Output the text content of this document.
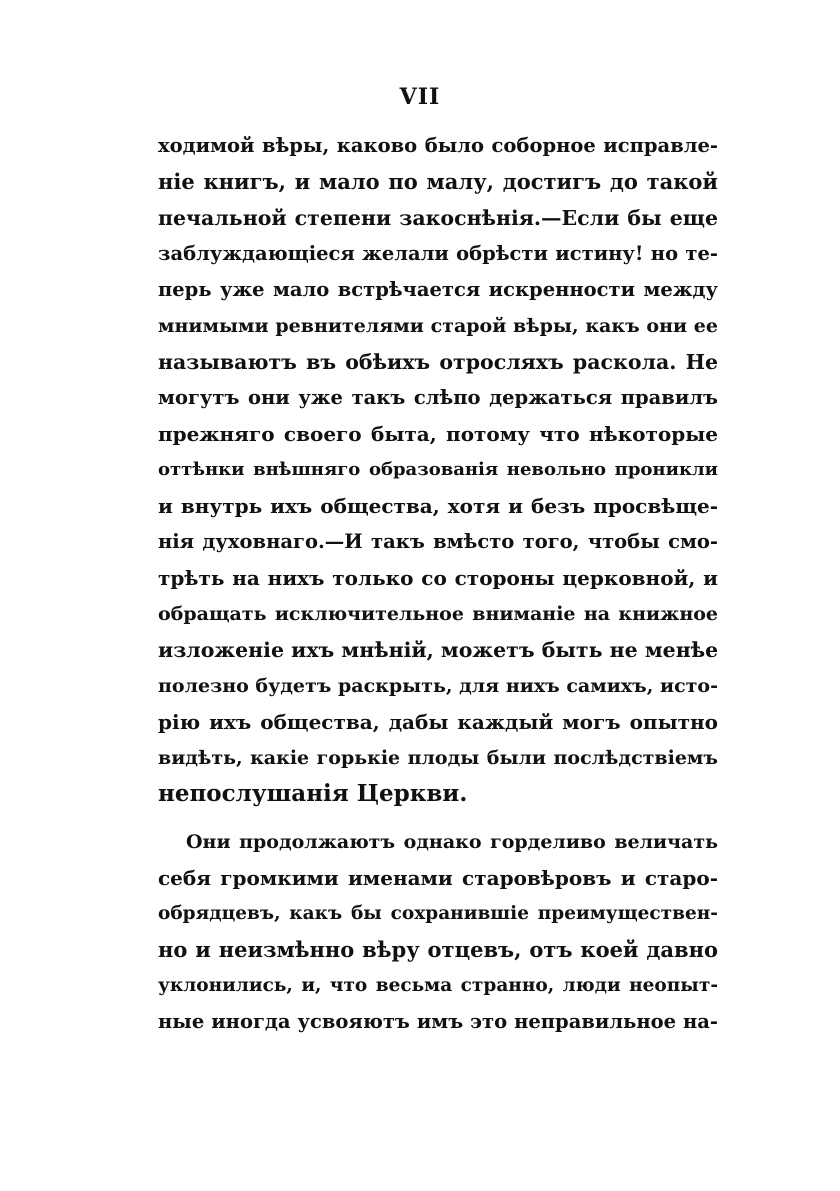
VII
ходимой вѣры, каково было соборное исправле-
ніе книгъ, и мало по малу, достигъ до такой
печальной степени закоснѣнія.—Если бы еще
заблуждающіеся желали обрѣсти истину! но те-
перь уже мало встрѣчается искренности между
мнимыми ревнителями старой вѣры, какъ они ее
называютъ въ обѣихъ отросляхъ раскола. Не
могутъ они уже такъ слѣпо держаться правилъ
прежняго своего быта, потому что нѣкоторые
оттѣнки внѣшняго образованія невольно проникли
и внутрь ихъ общества, хотя и безъ просвѣще-
нія духовнаго.—И такъ вмѣсто того, чтобы смо-
трѣть на нихъ только со стороны церковной, и
обращать исключительное вниманіе на книжное
изложеніе ихъ мнѣній, можетъ быть не менѣе
полезно будетъ раскрыть, для нихъ самихъ, исто-
рію ихъ общества, дабы каждый могъ опытно
видѣть, какіе горькіе плоды были послѣдствіемъ
непослушанія Церкви.
Они продолжаютъ однако горделиво величать
себя громкими именами старовѣровъ и старо-
обрядцевъ, какъ бы сохранившіе преимуществен-
но и неизмѣнно вѣру отцевъ, отъ коей давно
уклонились, и, что весьма странно, люди неопыт-
ные иногда усвояютъ имъ это неправильное на-
